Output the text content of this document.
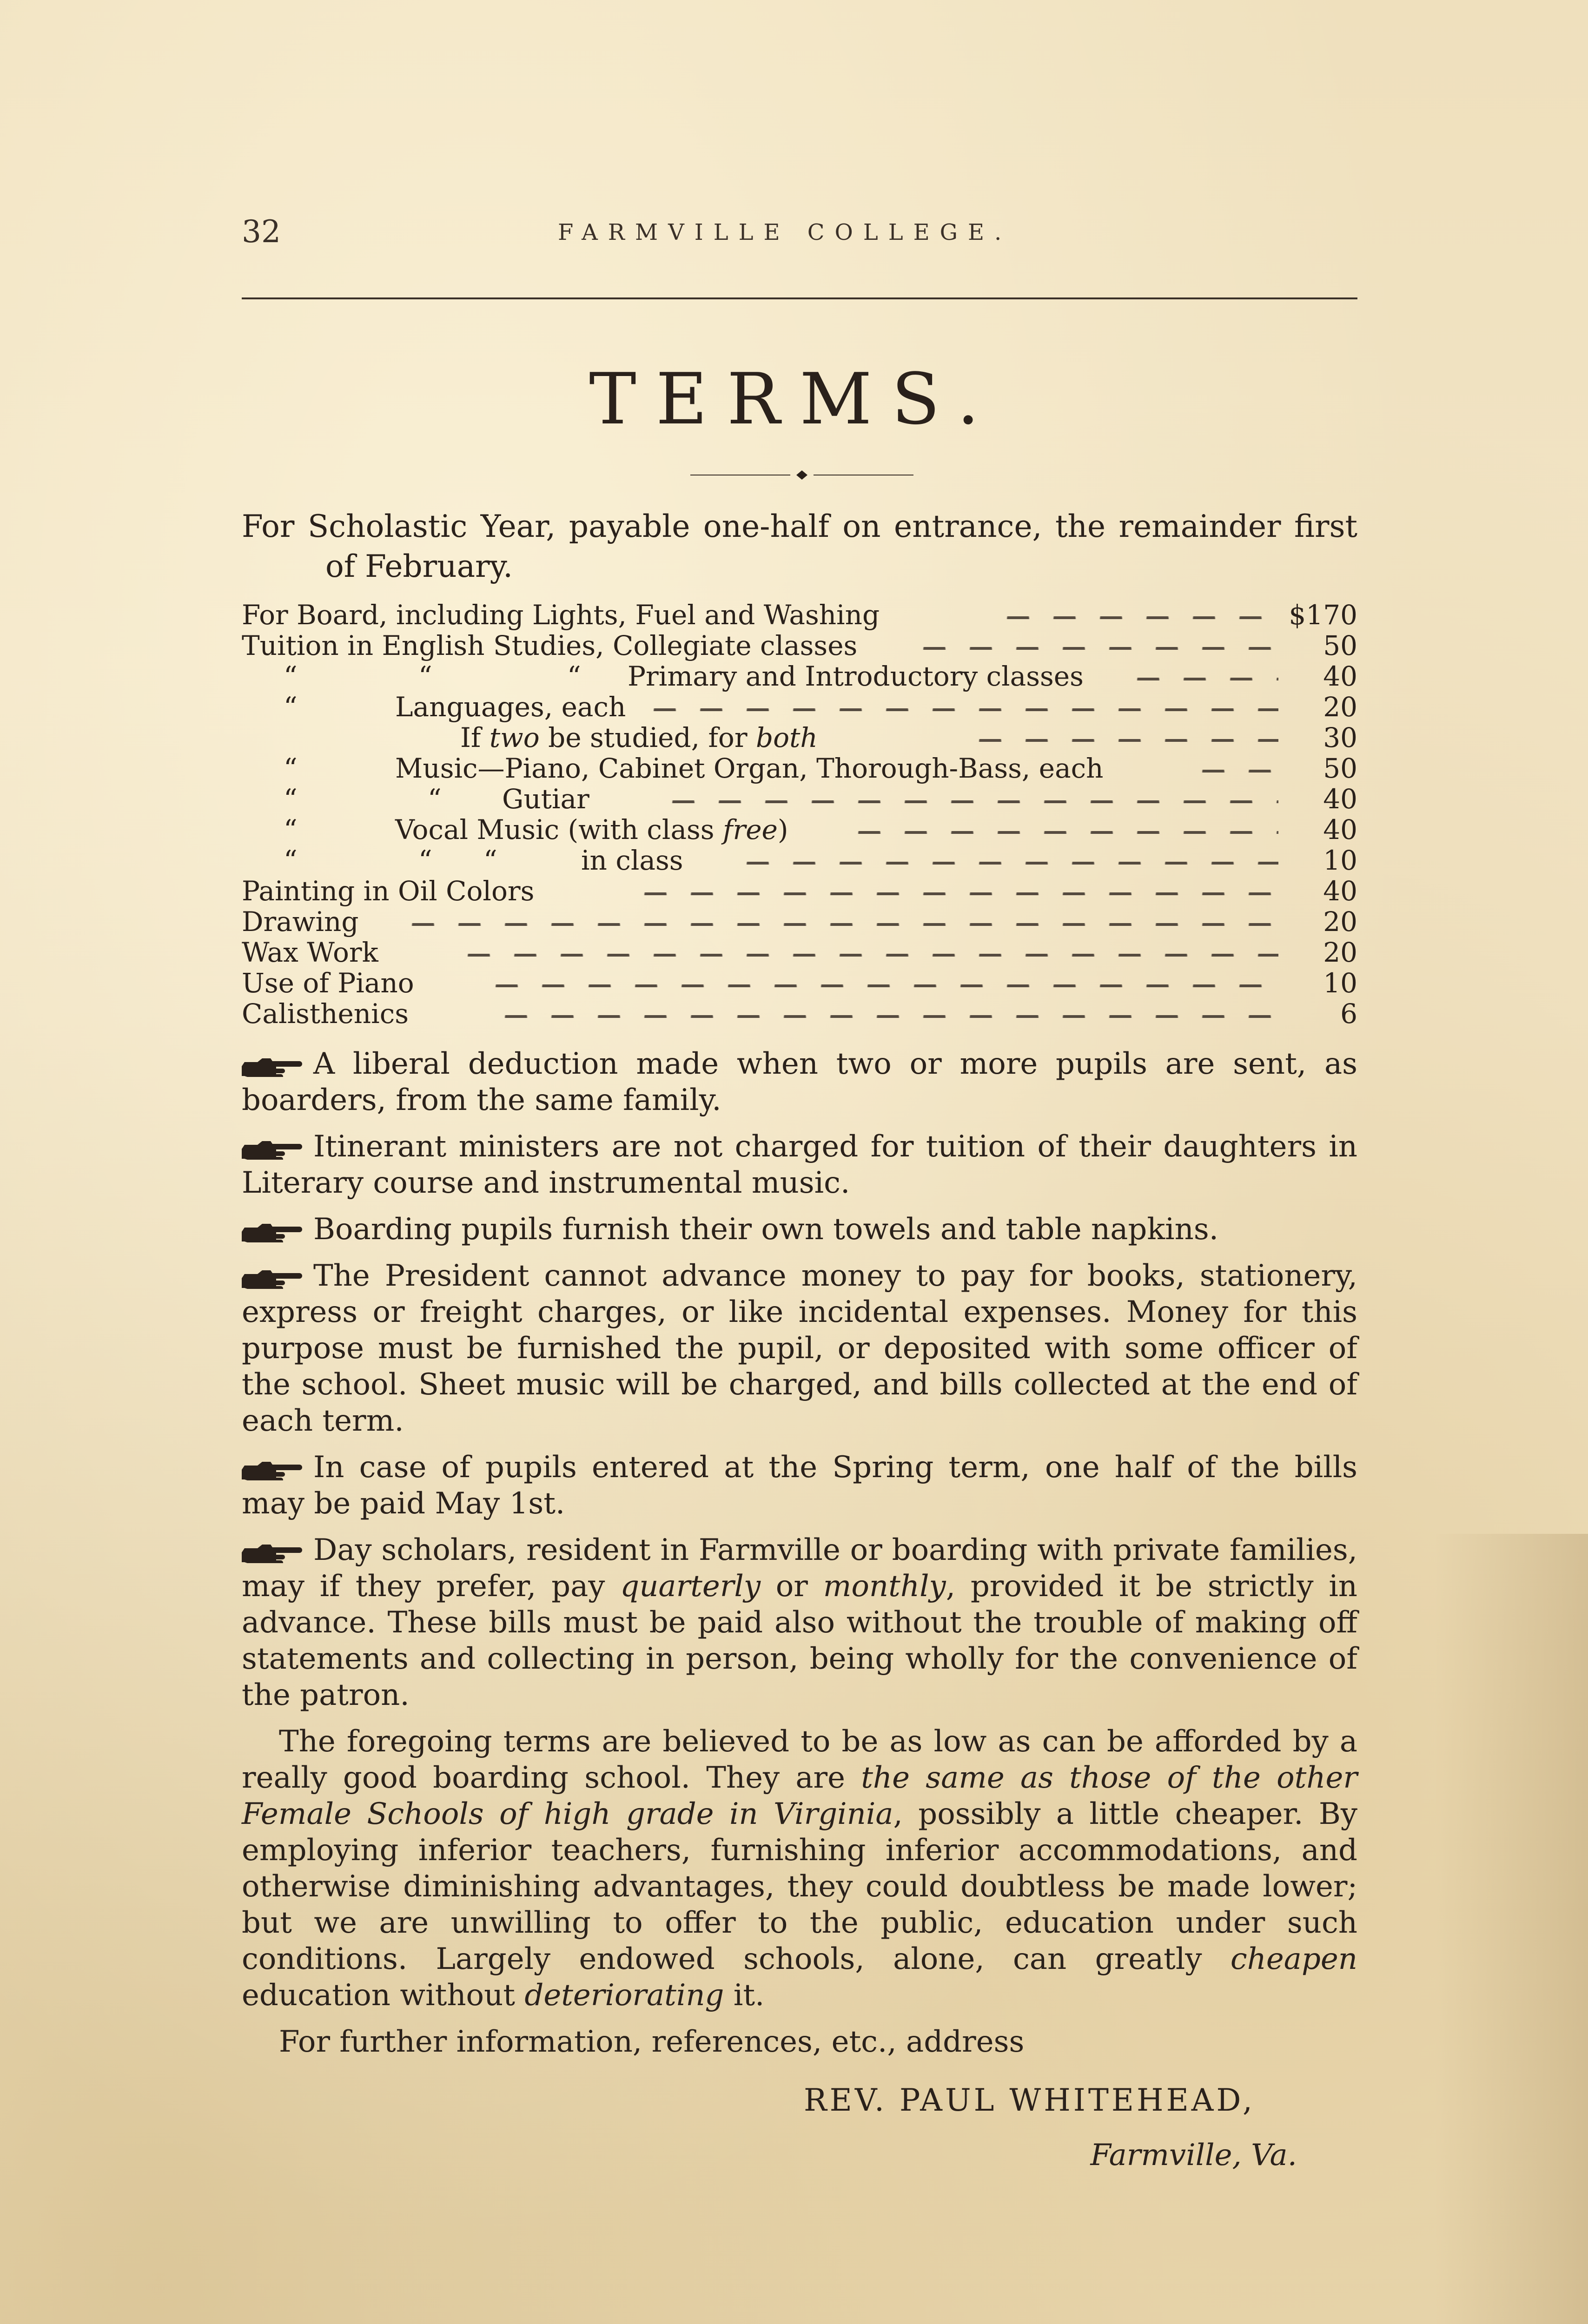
32	FARMVILLE COLLEGE.
TERMS.
For Scholastic Year, payable one-half on entrance, the remainder first
of February.
For Board, including Lights, Fuel and Washing	$170
Tuition in English Studies, Collegiate classes	50
“	“	“ Primary and Introductory classes	40
“	Languages, each	20
If two be studied, for both	30
“	Music—Piano, Cabinet Organ, Thorough-Bass, each	50
“	“ Gutiar	40
“	Vocal Music (with class free)	40
“	“ “	in class	10
Painting in Oil Colors	40
Drawing	20
Wax Work	20
Use of Piano	10
Calisthenics	6

A liberal deduction made when two or more pupils are sent, as boarders, from the same family.

Itinerant ministers are not charged for tuition of their daughters in Literary course and instrumental music.

Boarding pupils furnish their own towels and table napkins.

The President cannot advance money to pay for books, stationery, express or freight charges, or like incidental expenses. Money for this purpose must be furnished the pupil, or deposited with some officer of the school. Sheet music will be charged, and bills collected at the end of each term.

In case of pupils entered at the Spring term, one half of the bills may be paid May 1st.

Day scholars, resident in Farmville or boarding with private families, may if they prefer, pay quarterly or monthly, provided it be strictly in advance. These bills must be paid also without the trouble of making off statements and collecting in person, being wholly for the convenience of the patron.

The foregoing terms are believed to be as low as can be afforded by a really good boarding school. They are the same as those of the other Female Schools of high grade in Virginia, possibly a little cheaper. By employing inferior teachers, furnishing inferior accommodations, and otherwise diminishing advantages, they could doubtless be made lower; but we are unwilling to offer to the public, education under such conditions. Largely endowed schools, alone, can greatly cheapen education without deteriorating it.

For further information, references, etc., address

REV. PAUL WHITEHEAD,
Farmville, Va.
